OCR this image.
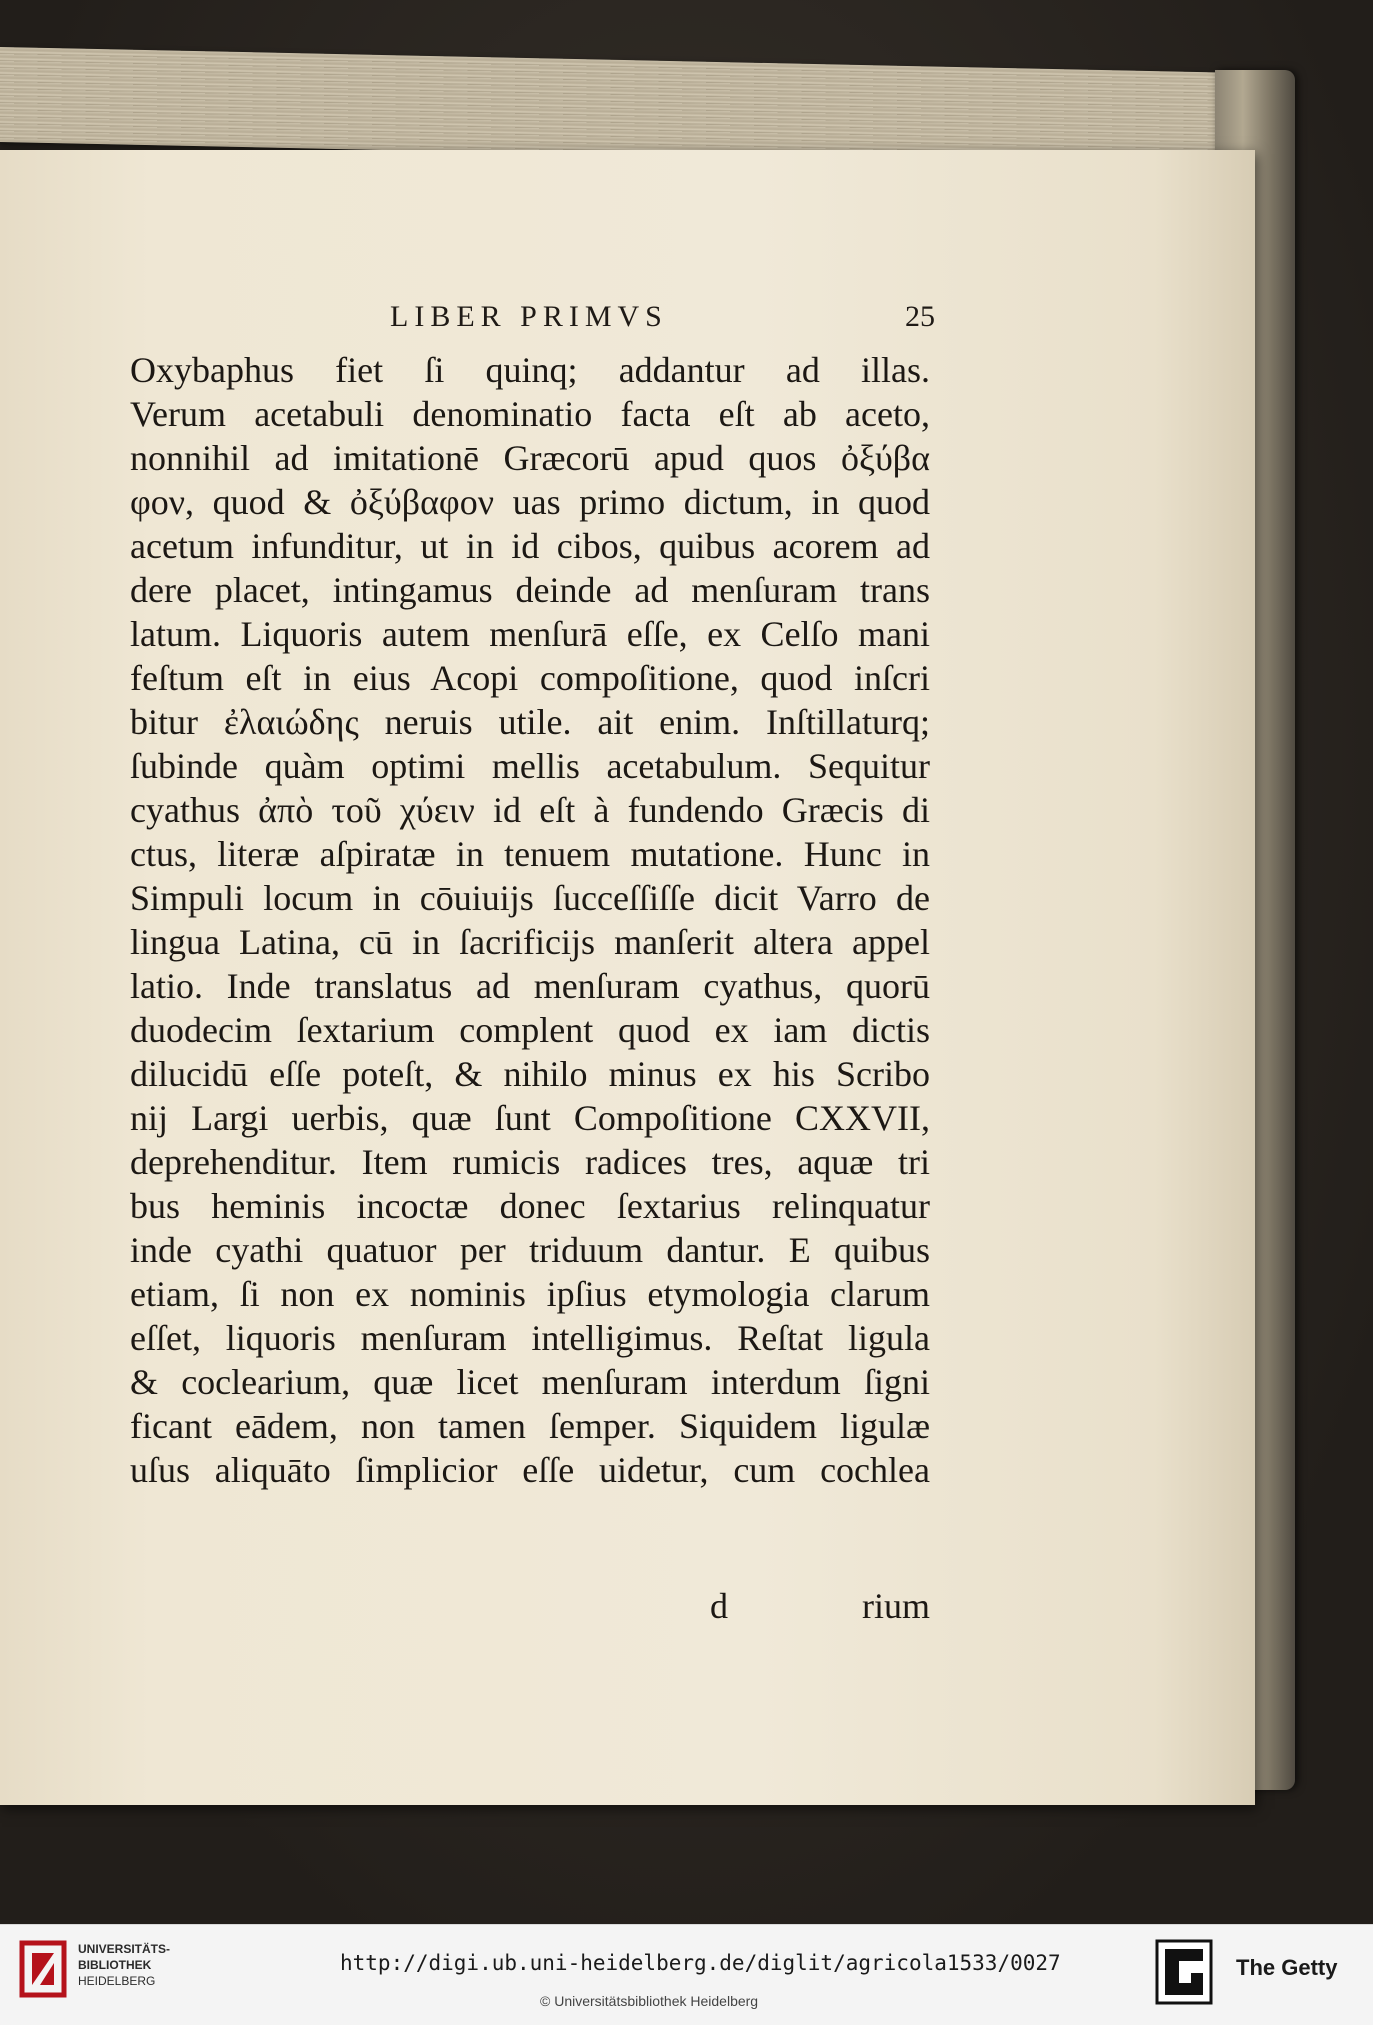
LIBER PRIMVS	25
Oxybaphus fiet ſi quinq; addantur ad illas.
Verum acetabuli denominatio facta eſt ab aceto,
nonnihil ad imitationē Græcorū apud quos ὀξύβα
φον, quod & ὀξύβαφον uas primo dictum, in quod
acetum infunditur, ut in id cibos, quibus acorem ad
dere placet, intingamus deinde ad menſuram trans
latum. Liquoris autem menſurā eſſe, ex Celſo mani
feſtum eſt in eius Acopi compoſitione, quod inſcri
bitur ἐλαιώδης neruis utile. ait enim. Inſtillaturq;
ſubinde quàm optimi mellis acetabulum. Sequitur
cyathus ἀπὸ τοῦ χύειν id eſt à fundendo Græcis di
ctus, literæ aſpiratæ in tenuem mutatione. Hunc in
Simpuli locum in cōuiuijs ſucceſſiſſe dicit Varro de
lingua Latina, cū in ſacrificijs manſerit altera appel
latio. Inde translatus ad menſuram cyathus, quorū
duodecim ſextarium complent quod ex iam dictis
dilucidū eſſe poteſt, & nihilo minus ex his Scribo
nij Largi uerbis, quæ ſunt Compoſitione CXXVII,
deprehenditur. Item rumicis radices tres, aquæ tri
bus heminis incoctæ donec ſextarius relinquatur
inde cyathi quatuor per triduum dantur. E quibus
etiam, ſi non ex nominis ipſius etymologia clarum
eſſet, liquoris menſuram intelligimus. Reſtat ligula
& coclearium, quæ licet menſuram interdum ſigni
ficant eādem, non tamen ſemper. Siquidem ligulæ
uſus aliquāto ſimplicior eſſe uidetur, cum cochlea
d	rium
UNIVERSITÄTS-
BIBLIOTHEK
HEIDELBERG
http://digi.ub.uni-heidelberg.de/diglit/agricola1533/0027
© Universitätsbibliothek Heidelberg
The Getty
